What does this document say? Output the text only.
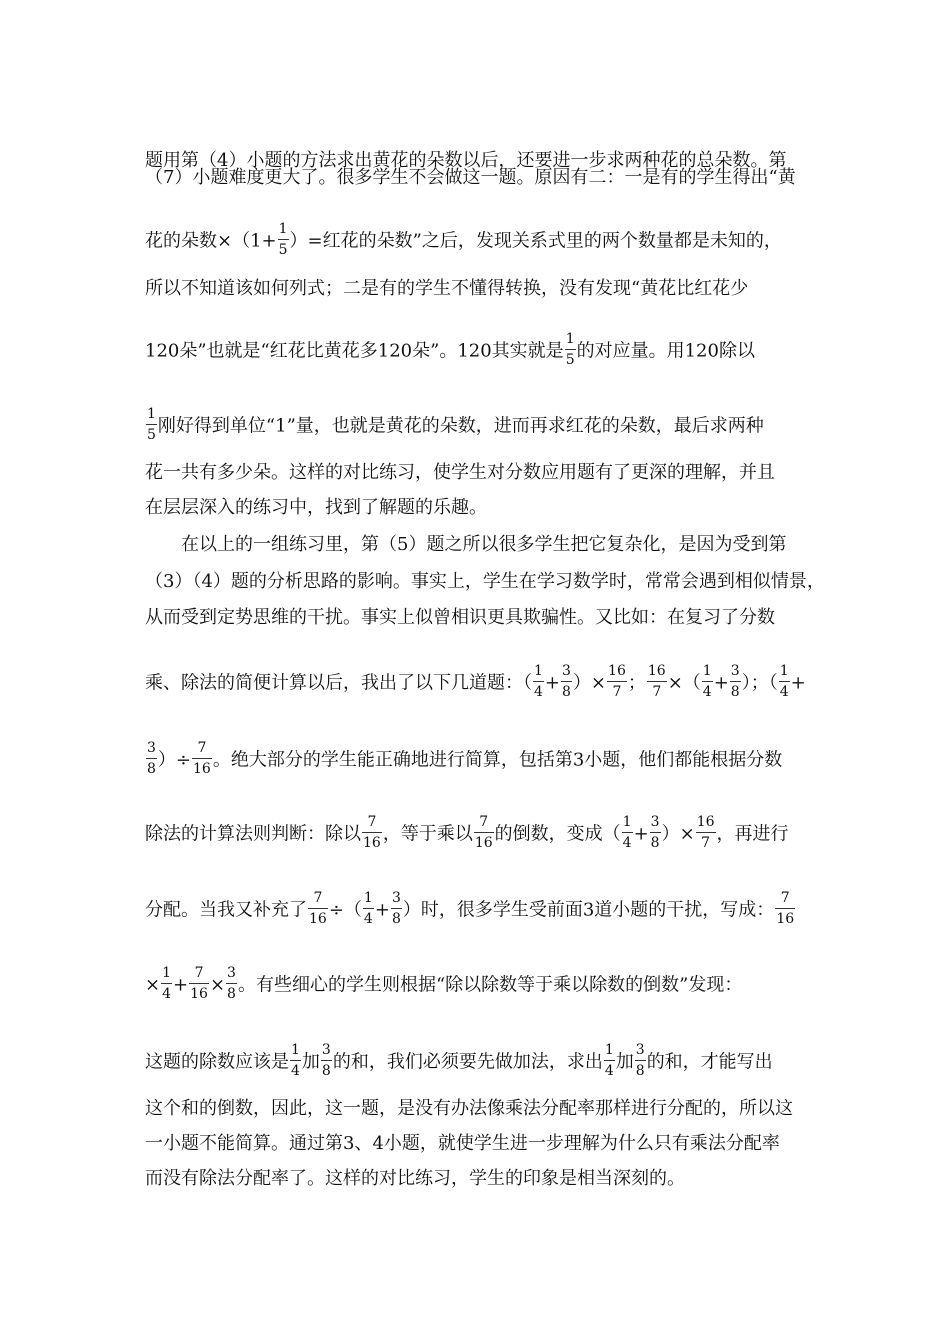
题用第（4）小题的方法求出黄花的朵数以后，还要进一步求两种花的总朵数。第
（7）小题难度更大了。很多学生不会做这一题。原因有二：一是有的学生得出“黄
花的朵数$\times(1+ \frac{1}{5}$ ）=红花的朵数”之后，发现关系式里的两个数量都是未知的，
所以不知道该如何列式；二是有的学生不懂得转换，没有发现“黄花比红花少
120朵”也就是“红花比黄花多120朵”。120其实就是 $\frac{1}{5}$ 的对应量。用120除以
$\frac{1}{5}$ 刚好得到单位“1”量，也就是黄花的朵数，进而再求红花的朵数，最后求两种
花一共有多少朵。这样的对比练习，使学生对分数应用题有了更深的理解，并且
在层层深入的练习中，找到了解题的乐趣。
在以上的一组练习里，第（5）题之所以很多学生把它复杂化，是因为受到第
（3）（4）题的分析思路的影响。事实上，学生在学习数学时，常常会遇到相似情景，
从而受到定势思维的干扰。事实上似曾相识更具欺骗性。又比如：在复习了分数
乘、除法的简便计算以后，我出了以下几道题：（ $\frac{1}{4} + \frac{3}{8}$ ）× $\frac{16}{7}$ ； $\frac{16}{7}$ ×（ $\frac{1}{4} + \frac{3}{8}$ ）；（ $\frac{1}{4}$ +
$\frac{3}{8}$ ）÷ $\frac{7}{16}$ 。绝大部分的学生能正确地进行简算，包括第3小题，他们都能根据分数
除法的计算法则判断：除以 $\frac{7}{16}$ ，等于乘以 $\frac{7}{16}$ 的倒数，变成（ $\frac{1}{4} + \frac{3}{8}$ ）× $\frac{16}{7}$ ，再进行
分配。当我又补充了 $\frac{7}{16}$ ÷（ $\frac{1}{4} + \frac{3}{8}$ ）时，很多学生受前面3道小题的干扰，写成： $\frac{7}{16}$
× $\frac{1}{4} + \frac{7}{16} \times \frac{3}{8}$ 。有些细心的学生则根据“除以除数等于乘以除数的倒数”发现：
这题的除数应该是 $\frac{1}{4}$ 加 $\frac{3}{8}$ 的和，我们必须要先做加法，求出 $\frac{1}{4}$ 加 $\frac{3}{8}$ 的和，才能写出
这个和的倒数，因此，这一题，是没有办法像乘法分配率那样进行分配的，所以这
一小题不能简算。通过第3、4小题，就使学生进一步理解为什么只有乘法分配率
而没有除法分配率了。这样的对比练习，学生的印象是相当深刻的。
